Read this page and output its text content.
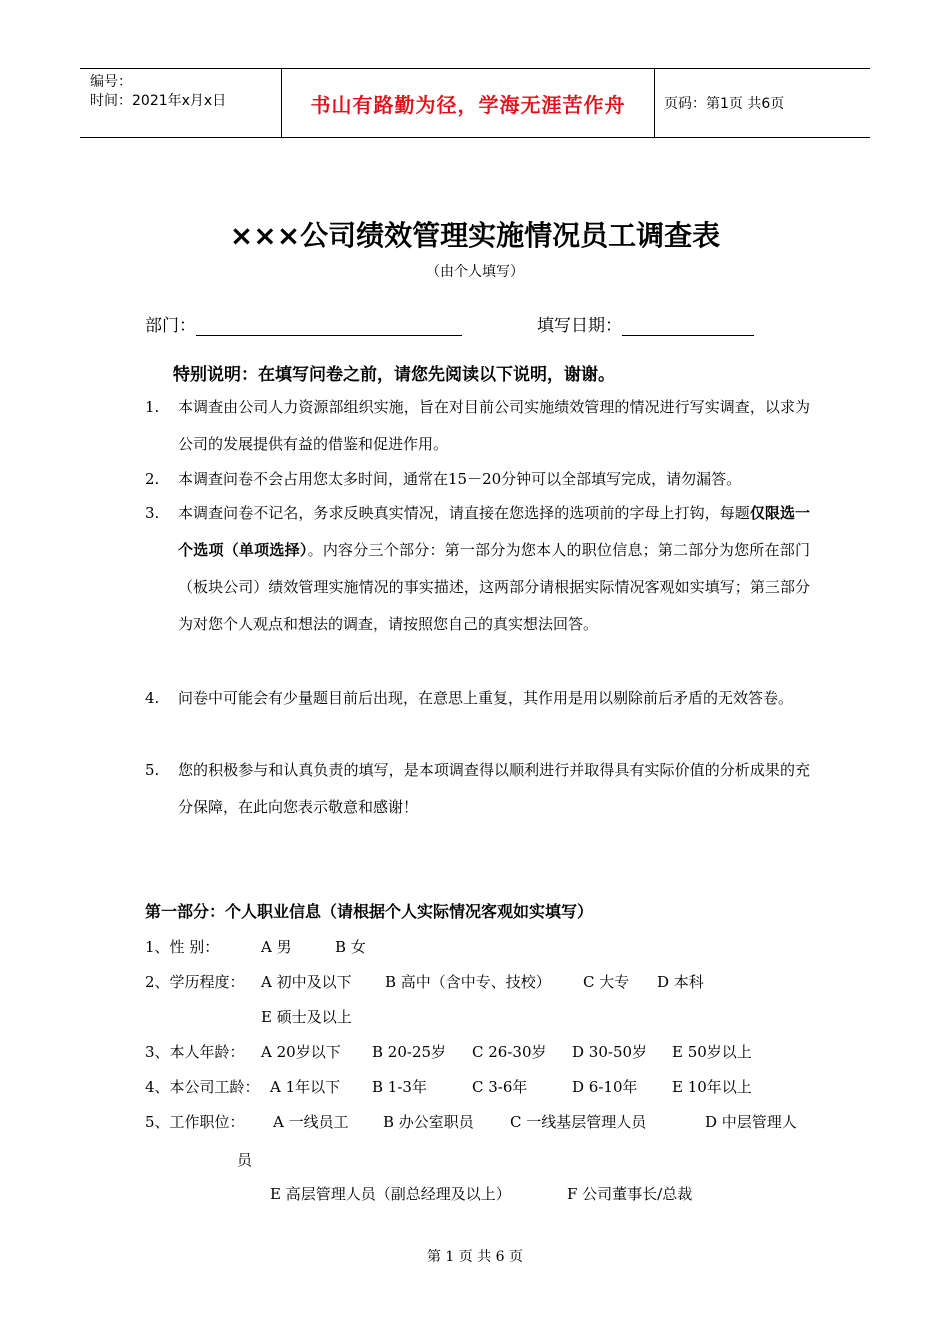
编号：
时间：2021年x月x日	书山有路勤为径，学海无涯苦作舟	页码：第1页 共6页
×××公司绩效管理实施情况员工调查表
（由个人填写）
部门：	填写日期：
特别说明：在填写问卷之前，请您先阅读以下说明，谢谢。
1. 本调查由公司人力资源部组织实施，旨在对目前公司实施绩效管理的情况进行写实调查，以求为公司的发展提供有益的借鉴和促进作用。
2. 本调查问卷不会占用您太多时间，通常在15－20分钟可以全部填写完成，请勿漏答。
3. 本调查问卷不记名，务求反映真实情况，请直接在您选择的选项前的字母上打钩，每题仅限选一个选项（单项选择）。内容分三个部分：第一部分为您本人的职位信息；第二部分为您所在部门（板块公司）绩效管理实施情况的事实描述，这两部分请根据实际情况客观如实填写；第三部分为对您个人观点和想法的调查，请按照您自己的真实想法回答。
4. 问卷中可能会有少量题目前后出现，在意思上重复，其作用是用以剔除前后矛盾的无效答卷。
5. 您的积极参与和认真负责的填写，是本项调查得以顺利进行并取得具有实际价值的分析成果的充分保障，在此向您表示敬意和感谢！
第一部分：个人职业信息（请根据个人实际情况客观如实填写）
1、性 别：	A 男	B 女
2、学历程度： A 初中及以下 B 高中（含中专、技校） C 大专 D 本科
E 硕士及以上
3、本人年龄： A 20岁以下 B 20-25岁 C 26-30岁 D 30-50岁 E 50岁以上
4、本公司工龄： A 1年以下 B 1-3年	C 3-6年	D 6-10年 E 10年以上
5、工作职位： A 一线员工 B 办公室职员 C 一线基层管理人员	D 中层管理人
员
E 高层管理人员（副总经理及以上）	F 公司董事长/总裁
第 1 页 共 6 页
